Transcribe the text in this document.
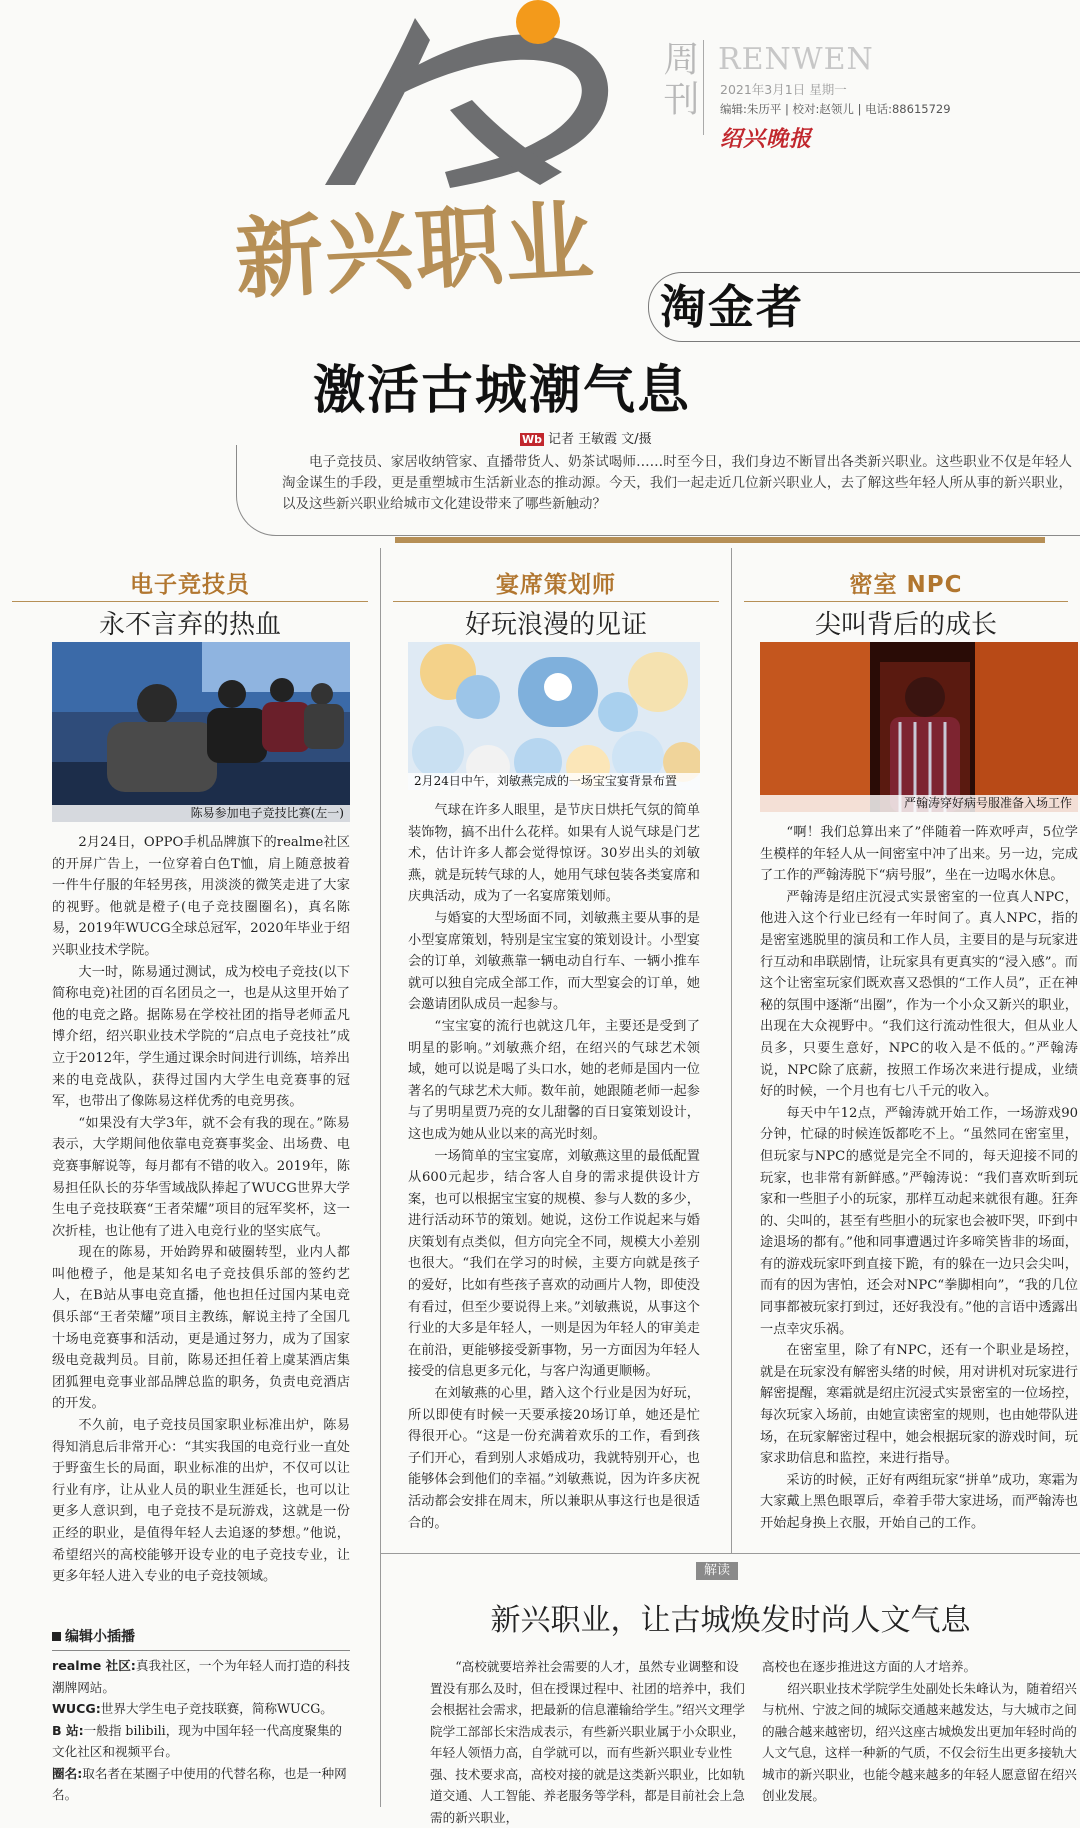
周刊 RENWEN
2021年3月1日 星期一
编辑:朱历平 | 校对:赵领儿 | 电话:88615729
绍兴晚报
新兴职业 淘金者
激活古城潮气息
Wb 记者 王敏霞 文/摄
电子竞技员、家居收纳管家、直播带货人、奶茶试喝师……时至今日，我们身边不断冒出各类新兴职业。这些职业不仅是年轻人淘金谋生的手段，更是重塑城市生活新业态的推动源。今天，我们一起走近几位新兴职业人，去了解这些年轻人所从事的新兴职业，以及这些新兴职业给城市文化建设带来了哪些新触动？
电子竞技员
永不言弃的热血
陈易参加电子竞技比赛(左一)

2月24日，OPPO手机品牌旗下的realme社区的开屏广告上，一位穿着白色T恤，肩上随意披着一件牛仔服的年轻男孩，用淡淡的微笑走进了大家的视野。他就是橙子(电子竞技圈圈名)，真名陈易，2019年WUCG全球总冠军，2020年毕业于绍兴职业技术学院。

大一时，陈易通过测试，成为校电子竞技(以下简称电竞)社团的百名团员之一，也是从这里开始了他的电竞之路。据陈易在学校社团的指导老师孟凡博介绍，绍兴职业技术学院的“启点电子竞技社”成立于2012年，学生通过课余时间进行训练，培养出来的电竞战队，获得过国内大学生电竞赛事的冠军，也带出了像陈易这样优秀的电竞男孩。

“如果没有大学3年，就不会有我的现在。”陈易表示，大学期间他依靠电竞赛事奖金、出场费、电竞赛事解说等，每月都有不错的收入。2019年，陈易担任队长的芬华雪域战队捧起了WUCG世界大学生电子竞技联赛“王者荣耀”项目的冠军奖杯，这一次折桂，也让他有了进入电竞行业的坚实底气。

现在的陈易，开始跨界和破圈转型，业内人都叫他橙子，他是某知名电子竞技俱乐部的签约艺人，在B站从事电竞直播，他也担任过国内某电竞俱乐部“王者荣耀”项目主教练，解说主持了全国几十场电竞赛事和活动，更是通过努力，成为了国家级电竞裁判员。目前，陈易还担任着上虞某酒店集团狐狸电竞事业部品牌总监的职务，负责电竞酒店的开发。

不久前，电子竞技员国家职业标准出炉，陈易得知消息后非常开心：“其实我国的电竞行业一直处于野蛮生长的局面，职业标准的出炉，不仅可以让行业有序，让从业人员的职业生涯延长，也可以让更多人意识到，电子竞技不是玩游戏，这就是一份正经的职业，是值得年轻人去追逐的梦想。”他说，希望绍兴的高校能够开设专业的电子竞技专业，让更多年轻人进入专业的电子竞技领域。

编辑小插播

realme 社区:真我社区，一个为年轻人而打造的科技潮牌网站。

WUCG:世界大学生电子竞技联赛，简称WUCG。

B 站:一般指 bilibili，现为中国年轻一代高度聚集的文化社区和视频平台。

圈名:取名者在某圈子中使用的代替名称，也是一种网名。

宴席策划师
好玩浪漫的见证
2月24日中午，刘敏燕完成的一场宝宝宴背景布置

气球在许多人眼里，是节庆日烘托气氛的简单装饰物，搞不出什么花样。如果有人说气球是门艺术，估计许多人都会觉得惊讶。30岁出头的刘敏燕，就是玩转气球的人，她用气球包装各类宴席和庆典活动，成为了一名宴席策划师。

与婚宴的大型场面不同，刘敏燕主要从事的是小型宴席策划，特别是宝宝宴的策划设计。小型宴会的订单，刘敏燕靠一辆电动自行车、一辆小推车就可以独自完成全部工作，而大型宴会的订单，她会邀请团队成员一起参与。

“宝宝宴的流行也就这几年，主要还是受到了明星的影响。”刘敏燕介绍，在绍兴的气球艺术领域，她可以说是喝了头口水，她的老师是国内一位著名的气球艺术大师。数年前，她跟随老师一起参与了男明星贾乃亮的女儿甜馨的百日宴策划设计，这也成为她从业以来的高光时刻。

一场简单的宝宝宴席，刘敏燕这里的最低配置从600元起步，结合客人自身的需求提供设计方案，也可以根据宝宝宴的规模、参与人数的多少，进行活动环节的策划。她说，这份工作说起来与婚庆策划有点类似，但方向完全不同，规模大小差别也很大。“我们在学习的时候，主要方向就是孩子的爱好，比如有些孩子喜欢的动画片人物，即使没有看过，但至少要说得上来。”刘敏燕说，从事这个行业的大多是年轻人，一则是因为年轻人的审美走在前沿，更能够接受新事物，另一方面因为年轻人接受的信息更多元化，与客户沟通更顺畅。

在刘敏燕的心里，踏入这个行业是因为好玩，所以即使有时候一天要承接20场订单，她还是忙得很开心。“这是一份充满着欢乐的工作，看到孩子们开心，看到别人求婚成功，我就特别开心，也能够体会到他们的幸福。”刘敏燕说，因为许多庆祝活动都会安排在周末，所以兼职从事这行也是很适合的。

密室 NPC
尖叫背后的成长
严翰涛穿好病号服准备入场工作

“啊！我们总算出来了”伴随着一阵欢呼声，5位学生模样的年轻人从一间密室中冲了出来。另一边，完成了工作的严翰涛脱下“病号服”，坐在一边喝水休息。

严翰涛是绍庄沉浸式实景密室的一位真人NPC，他进入这个行业已经有一年时间了。真人NPC，指的是密室逃脱里的演员和工作人员，主要目的是与玩家进行互动和串联剧情，让玩家具有更真实的“浸入感”。而这个让密室玩家们既欢喜又恐惧的“工作人员”，正在神秘的氛围中逐渐“出圈”，作为一个小众又新兴的职业，出现在大众视野中。“我们这行流动性很大，但从业人员多，只要生意好，NPC的收入是不低的。”严翰涛说，NPC除了底薪，按照工作场次来进行提成，业绩好的时候，一个月也有七八千元的收入。

每天中午12点，严翰涛就开始工作，一场游戏90分钟，忙碌的时候连饭都吃不上。“虽然同在密室里，但玩家与NPC的感觉是完全不同的，每天迎接不同的玩家，也非常有新鲜感。”严翰涛说：“我们喜欢昕到玩家和一些胆子小的玩家，那样互动起来就很有趣。狂奔的、尖叫的，甚至有些胆小的玩家也会被吓哭，吓到中途退场的都有。”他和同事遭遇过许多啼笑皆非的场面，有的游戏玩家吓到直接下跪，有的躲在一边只会尖叫，而有的因为害怕，还会对NPC“拳脚相向”，“我的几位同事都被玩家打到过，还好我没有。”他的言语中透露出一点幸灾乐祸。

在密室里，除了有NPC，还有一个职业是场控，就是在玩家没有解密头绪的时候，用对讲机对玩家进行解密提醒，寒霜就是绍庄沉浸式实景密室的一位场控，每次玩家入场前，由她宣读密室的规则，也由她带队进场，在玩家解密过程中，她会根据玩家的游戏时间，玩家求助信息和监控，来进行指导。

采访的时候，正好有两组玩家“拼单”成功，寒霜为大家戴上黑色眼罩后，牵着手带大家进场，而严翰涛也开始起身换上衣服，开始自己的工作。

解读
新兴职业，让古城焕发时尚人文气息

“高校就要培养社会需要的人才，虽然专业调整和设置没有那么及时，但在授课过程中、社团的培养中，我们会根据社会需求，把最新的信息灌输给学生。”绍兴文理学院学工部部长宋浩成表示，有些新兴职业属于小众职业，年轻人领悟力高，自学就可以，而有些新兴职业专业性强、技术要求高，高校对接的就是这类新兴职业，比如轨道交通、人工智能、养老服务等学科，都是目前社会上急需的新兴职业，

高校也在逐步推进这方面的人才培养。

绍兴职业技术学院学生处副处长朱峰认为，随着绍兴与杭州、宁波之间的城际交通越来越发达，与大城市之间的融合越来越密切，绍兴这座古城焕发出更加年轻时尚的人文气息，这样一种新的气质，不仅会衍生出更多接轨大城市的新兴职业，也能令越来越多的年轻人愿意留在绍兴创业发展。
